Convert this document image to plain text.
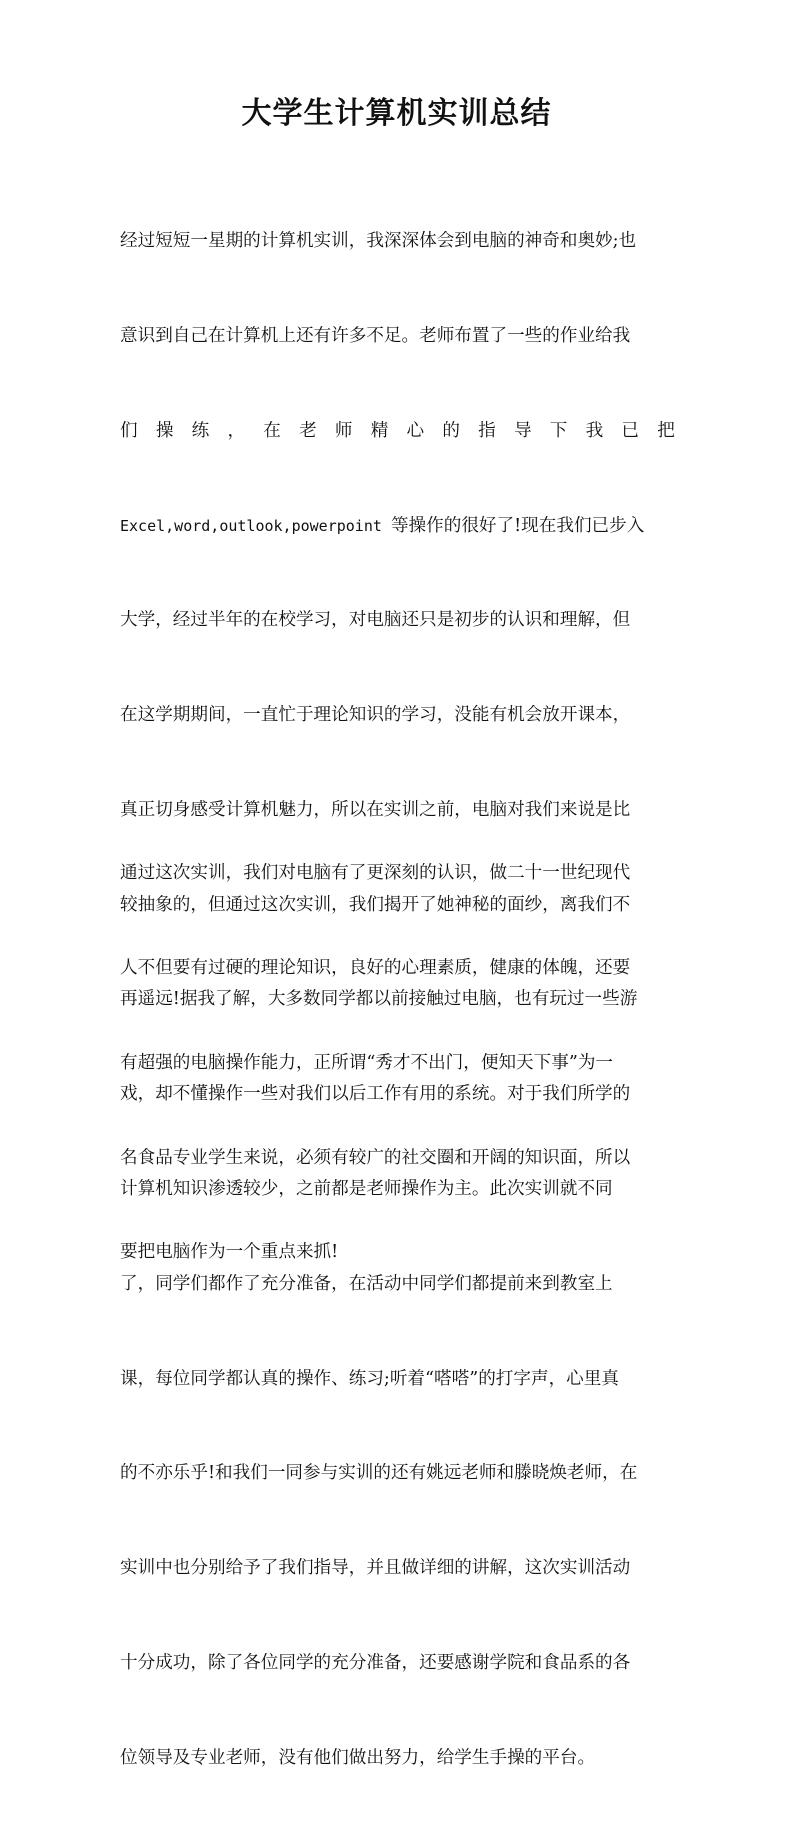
大学生计算机实训总结

经过短短一星期的计算机实训，我深深体会到电脑的神奇和奥妙;也

意识到自己在计算机上还有许多不足。老师布置了一些的作业给我

们 操 练 ， 在 老 师 精 心 的 指 导 下 我 已 把

Excel,word,outlook,powerpoint 等操作的很好了!现在我们已步入

大学，经过半年的在校学习，对电脑还只是初步的认识和理解，但

在这学期期间，一直忙于理论知识的学习，没能有机会放开课本，

真正切身感受计算机魅力，所以在实训之前，电脑对我们来说是比

较抽象的，但通过这次实训，我们揭开了她神秘的面纱，离我们不

再遥远!据我了解，大多数同学都以前接触过电脑，也有玩过一些游

戏，却不懂操作一些对我们以后工作有用的系统。对于我们所学的

计算机知识渗透较少，之前都是老师操作为主。此次实训就不同

了，同学们都作了充分准备，在活动中同学们都提前来到教室上

课，每位同学都认真的操作、练习;听着“嗒嗒”的打字声，心里真

的不亦乐乎!和我们一同参与实训的还有姚远老师和滕晓焕老师，在

实训中也分别给予了我们指导，并且做详细的讲解，这次实训活动

十分成功，除了各位同学的充分准备，还要感谢学院和食品系的各

位领导及专业老师，没有他们做出努力，给学生手操的平台。

通过这次实训，我们对电脑有了更深刻的认识，做二十一世纪现代

人不但要有过硬的理论知识，良好的心理素质，健康的体魄，还要

有超强的电脑操作能力，正所谓“秀才不出门，便知天下事”为一

名食品专业学生来说，必须有较广的社交圈和开阔的知识面，所以

要把电脑作为一个重点来抓!
